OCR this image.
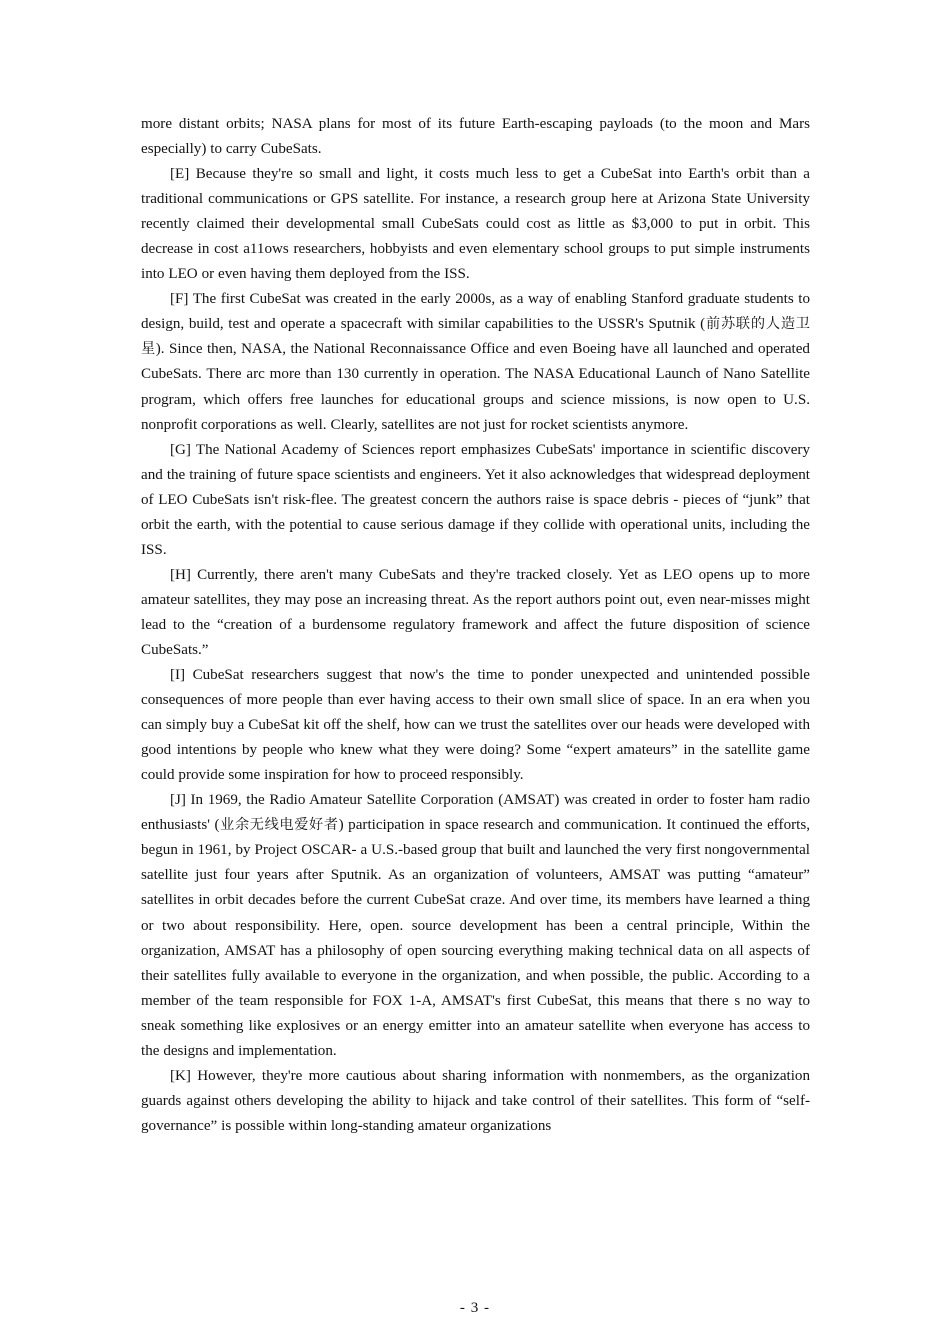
more distant orbits; NASA plans for most of its future Earth-escaping payloads (to the moon and Mars especially) to carry CubeSats.

[E] Because they're so small and light, it costs much less to get a CubeSat into Earth's orbit than a traditional communications or GPS satellite. For instance, a research group here at Arizona State University recently claimed their developmental small CubeSats could cost as little as $3,000 to put in orbit. This decrease in cost a11ows researchers, hobbyists and even elementary school groups to put simple instruments into LEO or even having them deployed from the ISS.

[F] The first CubeSat was created in the early 2000s, as a way of enabling Stanford graduate students to design, build, test and operate a spacecraft with similar capabilities to the USSR's Sputnik (前苏联的人造卫星). Since then, NASA, the National Reconnaissance Office and even Boeing have all launched and operated CubeSats. There arc more than 130 currently in operation. The NASA Educational Launch of Nano Satellite program, which offers free launches for educational groups and science missions, is now open to U.S. nonprofit corporations as well. Clearly, satellites are not just for rocket scientists anymore.

[G] The National Academy of Sciences report emphasizes CubeSats' importance in scientific discovery and the training of future space scientists and engineers. Yet it also acknowledges that widespread deployment of LEO CubeSats isn't risk-flee. The greatest concern the authors raise is space debris - pieces of “junk” that orbit the earth, with the potential to cause serious damage if they collide with operational units, including the ISS.

[H] Currently, there aren't many CubeSats and they're tracked closely. Yet as LEO opens up to more amateur satellites, they may pose an increasing threat. As the report authors point out, even near-misses might lead to the “creation of a burdensome regulatory framework and affect the future disposition of science CubeSats.”

[I] CubeSat researchers suggest that now's the time to ponder unexpected and unintended possible consequences of more people than ever having access to their own small slice of space. In an era when you can simply buy a CubeSat kit off the shelf, how can we trust the satellites over our heads were developed with good intentions by people who knew what they were doing? Some “expert amateurs” in the satellite game could provide some inspiration for how to proceed responsibly.

[J] In 1969, the Radio Amateur Satellite Corporation (AMSAT) was created in order to foster ham radio enthusiasts' (业余无线电爱好者) participation in space research and communication. It continued the efforts, begun in 1961, by Project OSCAR- a U.S.-based group that built and launched the very first nongovernmental satellite just four years after Sputnik. As an organization of volunteers, AMSAT was putting “amateur” satellites in orbit decades before the current CubeSat craze. And over time, its members have learned a thing or two about responsibility. Here, open. source development has been a central principle, Within the organization, AMSAT has a philosophy of open sourcing everything making technical data on all aspects of their satellites fully available to everyone in the organization, and when possible, the public. According to a member of the team responsible for FOX 1-A, AMSAT's first CubeSat, this means that there s no way to sneak something like explosives or an energy emitter into an amateur satellite when everyone has access to the designs and implementation.

[K] However, they're more cautious about sharing information with nonmembers, as the organization guards against others developing the ability to hijack and take control of their satellites. This form of “self-governance” is possible within long-standing amateur organizations

- 3 -
